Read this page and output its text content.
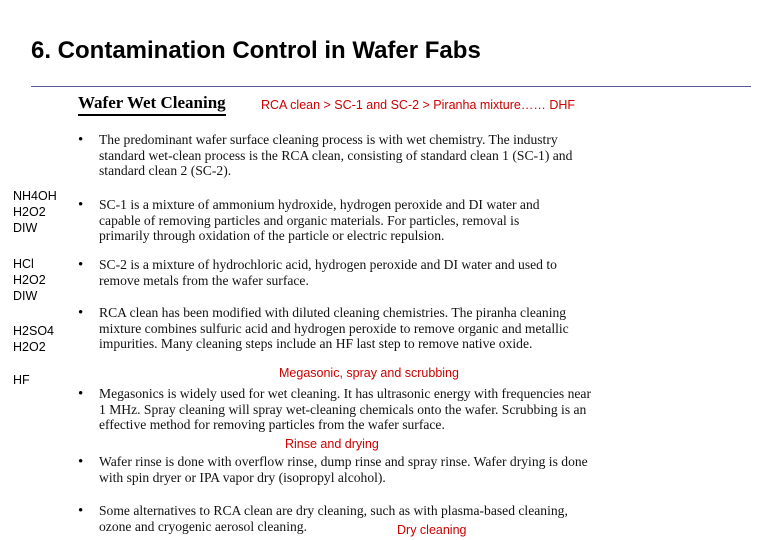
6. Contamination Control in Wafer Fabs
Wafer Wet Cleaning	RCA clean > SC-1 and SC-2 > Piranha mixture…… DHF
• The predominant wafer surface cleaning process is with wet chemistry. The industry standard wet-clean process is the RCA clean, consisting of standard clean 1 (SC-1) and standard clean 2 (SC-2).
• SC-1 is a mixture of ammonium hydroxide, hydrogen peroxide and DI water and capable of removing particles and organic materials. For particles, removal is primarily through oxidation of the particle or electric repulsion.
• SC-2 is a mixture of hydrochloric acid, hydrogen peroxide and DI water and used to remove metals from the wafer surface.
• RCA clean has been modified with diluted cleaning chemistries. The piranha cleaning mixture combines sulfuric acid and hydrogen peroxide to remove organic and metallic impurities. Many cleaning steps include an HF last step to remove native oxide.
Megasonic, spray and scrubbing
• Megasonics is widely used for wet cleaning. It has ultrasonic energy with frequencies near 1 MHz. Spray cleaning will spray wet-cleaning chemicals onto the wafer. Scrubbing is an effective method for removing particles from the wafer surface.
Rinse and drying
• Wafer rinse is done with overflow rinse, dump rinse and spray rinse. Wafer drying is done with spin dryer or IPA vapor dry (isopropyl alcohol).
• Some alternatives to RCA clean are dry cleaning, such as with plasma-based cleaning, ozone and cryogenic aerosol cleaning.	Dry cleaning
NH4OH
H2O2
DIW
HCl
H2O2
DIW
H2SO4
H2O2
HF
